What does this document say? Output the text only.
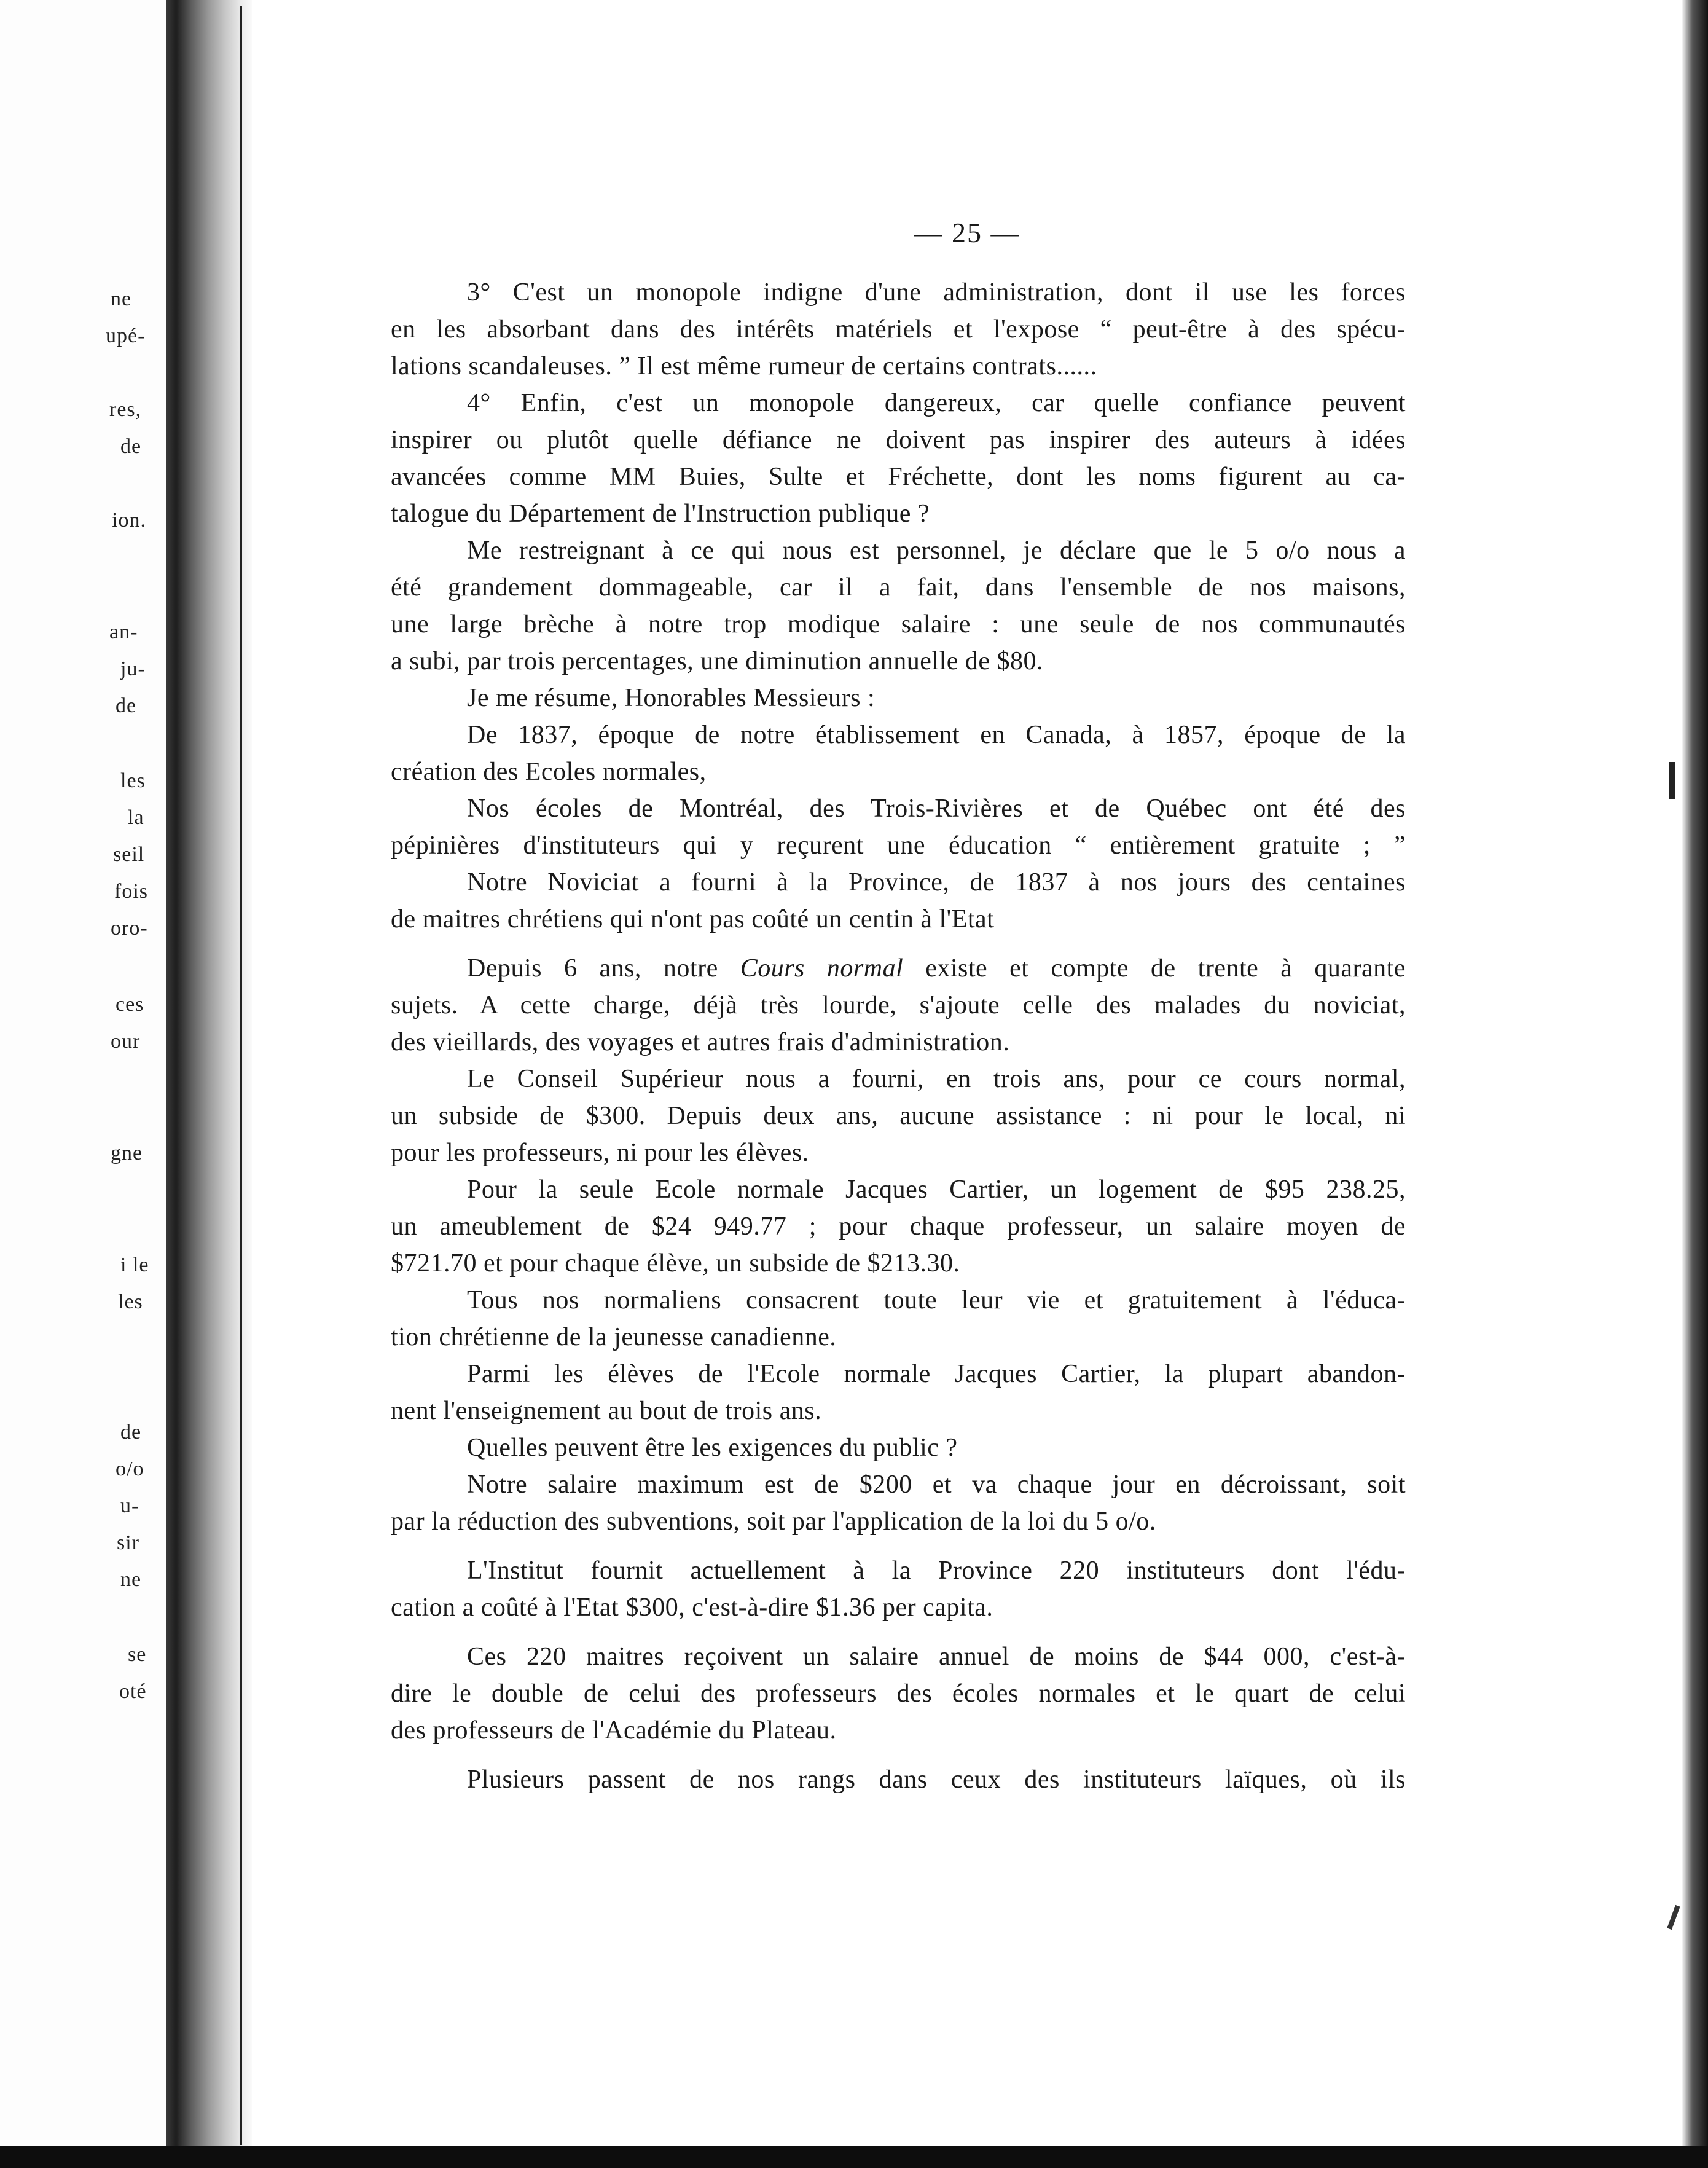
ne
upé-
res,
de
ion.
an-
ju-
de
les
la
seil
fois
oro-
ces
our
gne
i le
les
de
o/o
u-
sir
ne
se
oté
— 25 —
3° C'est un monopole indigne d'une administration, dont il use les forces
en les absorbant dans des intérêts matériels et l'expose “ peut-être à des spécu-
lations scandaleuses. ” Il est même rumeur de certains contrats......
4° Enfin, c'est un monopole dangereux, car quelle confiance peuvent
inspirer ou plutôt quelle défiance ne doivent pas inspirer des auteurs à idées
avancées comme MM Buies, Sulte et Fréchette, dont les noms figurent au ca-
talogue du Département de l'Instruction publique ?
Me restreignant à ce qui nous est personnel, je déclare que le 5 o/o nous a
été grandement dommageable, car il a fait, dans l'ensemble de nos maisons,
une large brèche à notre trop modique salaire : une seule de nos communautés
a subi, par trois percentages, une diminution annuelle de $80.
Je me résume, Honorables Messieurs :
De 1837, époque de notre établissement en Canada, à 1857, époque de la
création des Ecoles normales,
Nos écoles de Montréal, des Trois-Rivières et de Québec ont été des
pépinières d'instituteurs qui y reçurent une éducation “ entièrement gratuite ; ”
Notre Noviciat a fourni à la Province, de 1837 à nos jours des centaines
de maitres chrétiens qui n'ont pas coûté un centin à l'Etat
Depuis 6 ans, notre Cours normal existe et compte de trente à quarante
sujets. A cette charge, déjà très lourde, s'ajoute celle des malades du noviciat,
des vieillards, des voyages et autres frais d'administration.
Le Conseil Supérieur nous a fourni, en trois ans, pour ce cours normal,
un subside de $300. Depuis deux ans, aucune assistance : ni pour le local, ni
pour les professeurs, ni pour les élèves.
Pour la seule Ecole normale Jacques Cartier, un logement de $95 238.25,
un ameublement de $24 949.77 ; pour chaque professeur, un salaire moyen de
$721.70 et pour chaque élève, un subside de $213.30.
Tous nos normaliens consacrent toute leur vie et gratuitement à l'éduca-
tion chrétienne de la jeunesse canadienne.
Parmi les élèves de l'Ecole normale Jacques Cartier, la plupart abandon-
nent l'enseignement au bout de trois ans.
Quelles peuvent être les exigences du public ?
Notre salaire maximum est de $200 et va chaque jour en décroissant, soit
par la réduction des subventions, soit par l'application de la loi du 5 o/o.
L'Institut fournit actuellement à la Province 220 instituteurs dont l'édu-
cation a coûté à l'Etat $300, c'est-à-dire $1.36 per capita.
Ces 220 maitres reçoivent un salaire annuel de moins de $44 000, c'est-à-
dire le double de celui des professeurs des écoles normales et le quart de celui
des professeurs de l'Académie du Plateau.
Plusieurs passent de nos rangs dans ceux des instituteurs laïques, où ils
